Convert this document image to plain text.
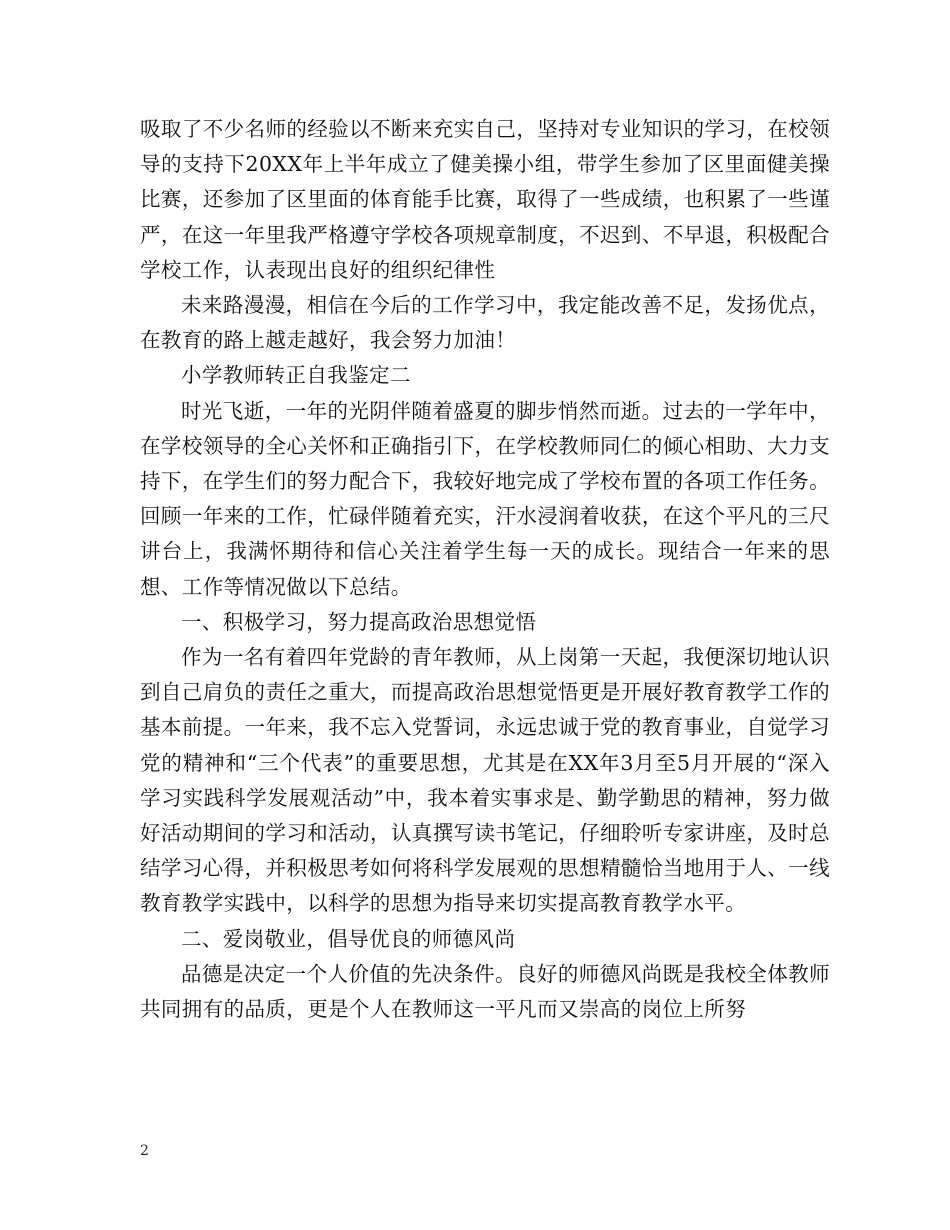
吸取了不少名师的经验以不断来充实自己，坚持对专业知识的学习，在校领导的支持下20XX年上半年成立了健美操小组，带学生参加了区里面健美操比赛，还参加了区里面的体育能手比赛，取得了一些成绩，也积累了一些谨严，在这一年里我严格遵守学校各项规章制度，不迟到、不早退，积极配合学校工作，认表现出良好的组织纪律性

未来路漫漫，相信在今后的工作学习中，我定能改善不足，发扬优点，在教育的路上越走越好，我会努力加油！

小学教师转正自我鉴定二

时光飞逝，一年的光阴伴随着盛夏的脚步悄然而逝。过去的一学年中，在学校领导的全心关怀和正确指引下，在学校教师同仁的倾心相助、大力支持下，在学生们的努力配合下，我较好地完成了学校布置的各项工作任务。回顾一年来的工作，忙碌伴随着充实，汗水浸润着收获，在这个平凡的三尺讲台上，我满怀期待和信心关注着学生每一天的成长。现结合一年来的思想、工作等情况做以下总结。

一、积极学习，努力提高政治思想觉悟

作为一名有着四年党龄的青年教师，从上岗第一天起，我便深切地认识到自己肩负的责任之重大，而提高政治思想觉悟更是开展好教育教学工作的基本前提。一年来，我不忘入党誓词，永远忠诚于党的教育事业，自觉学习党的精神和“三个代表”的重要思想，尤其是在XX年3月至5月开展的“深入学习实践科学发展观活动”中，我本着实事求是、勤学勤思的精神，努力做好活动期间的学习和活动，认真撰写读书笔记，仔细聆听专家讲座，及时总结学习心得，并积极思考如何将科学发展观的思想精髓恰当地用于人、一线教育教学实践中，以科学的思想为指导来切实提高教育教学水平。

二、爱岗敬业，倡导优良的师德风尚

品德是决定一个人价值的先决条件。良好的师德风尚既是我校全体教师共同拥有的品质，更是个人在教师这一平凡而又崇高的岗位上所努

2
